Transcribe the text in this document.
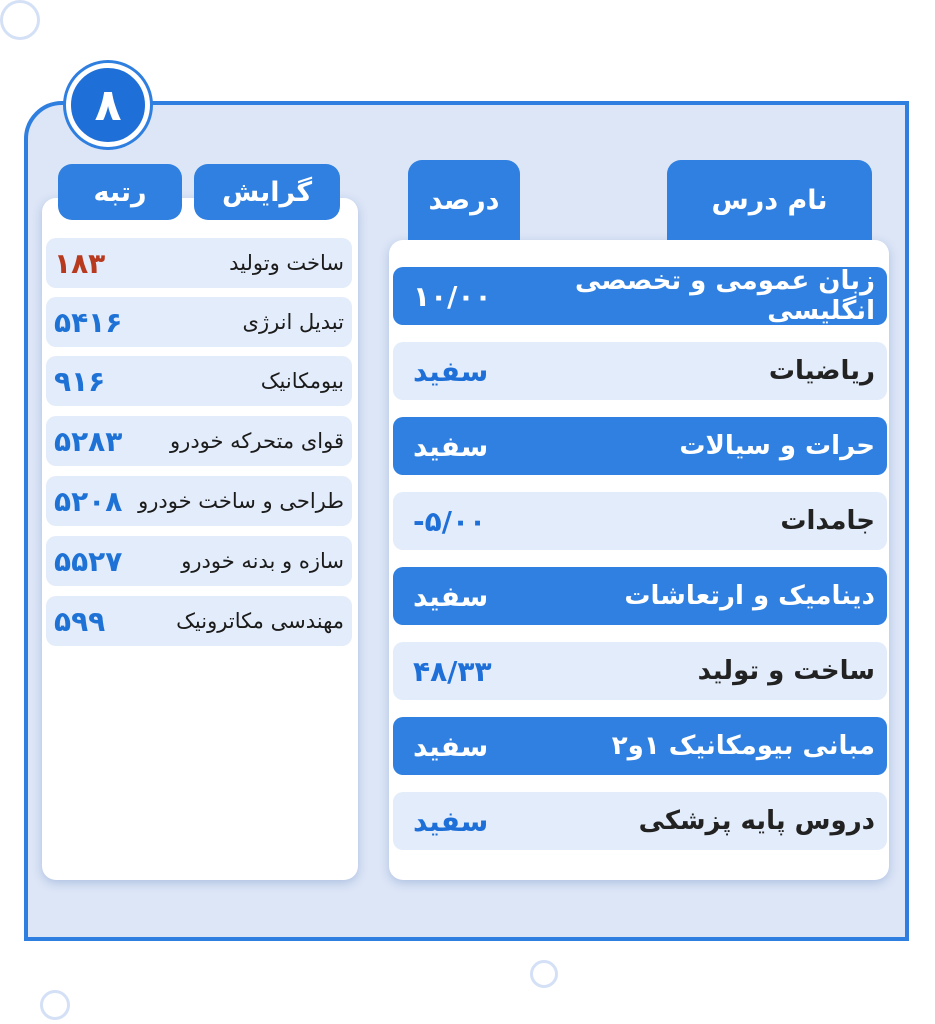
۸
رتبه	گرایش
۱۸۳	ساخت وتولید
۵۴۱۶	تبدیل انرژی
۹۱۶	بیومکانیک
۵۲۸۳ قوای متحرکه خودرو
۵۲۰۸ طراحی و ساخت خودرو
۵۵۲۷	سازه و بدنه خودرو
۵۹۹	مهندسی مکاترونیک
درصد	نام درس
۱۰/۰۰	زبان عمومی و تخصصی انگلیسی
سفید	ریاضیات
سفید	حرات و سیالات
-۵/۰۰	جامدات
سفید	دینامیک و ارتعاشات
۴۸/۳۳	ساخت و تولید
سفید	مبانی بیومکانیک ۱و۲
سفید	دروس پایه پزشکی
